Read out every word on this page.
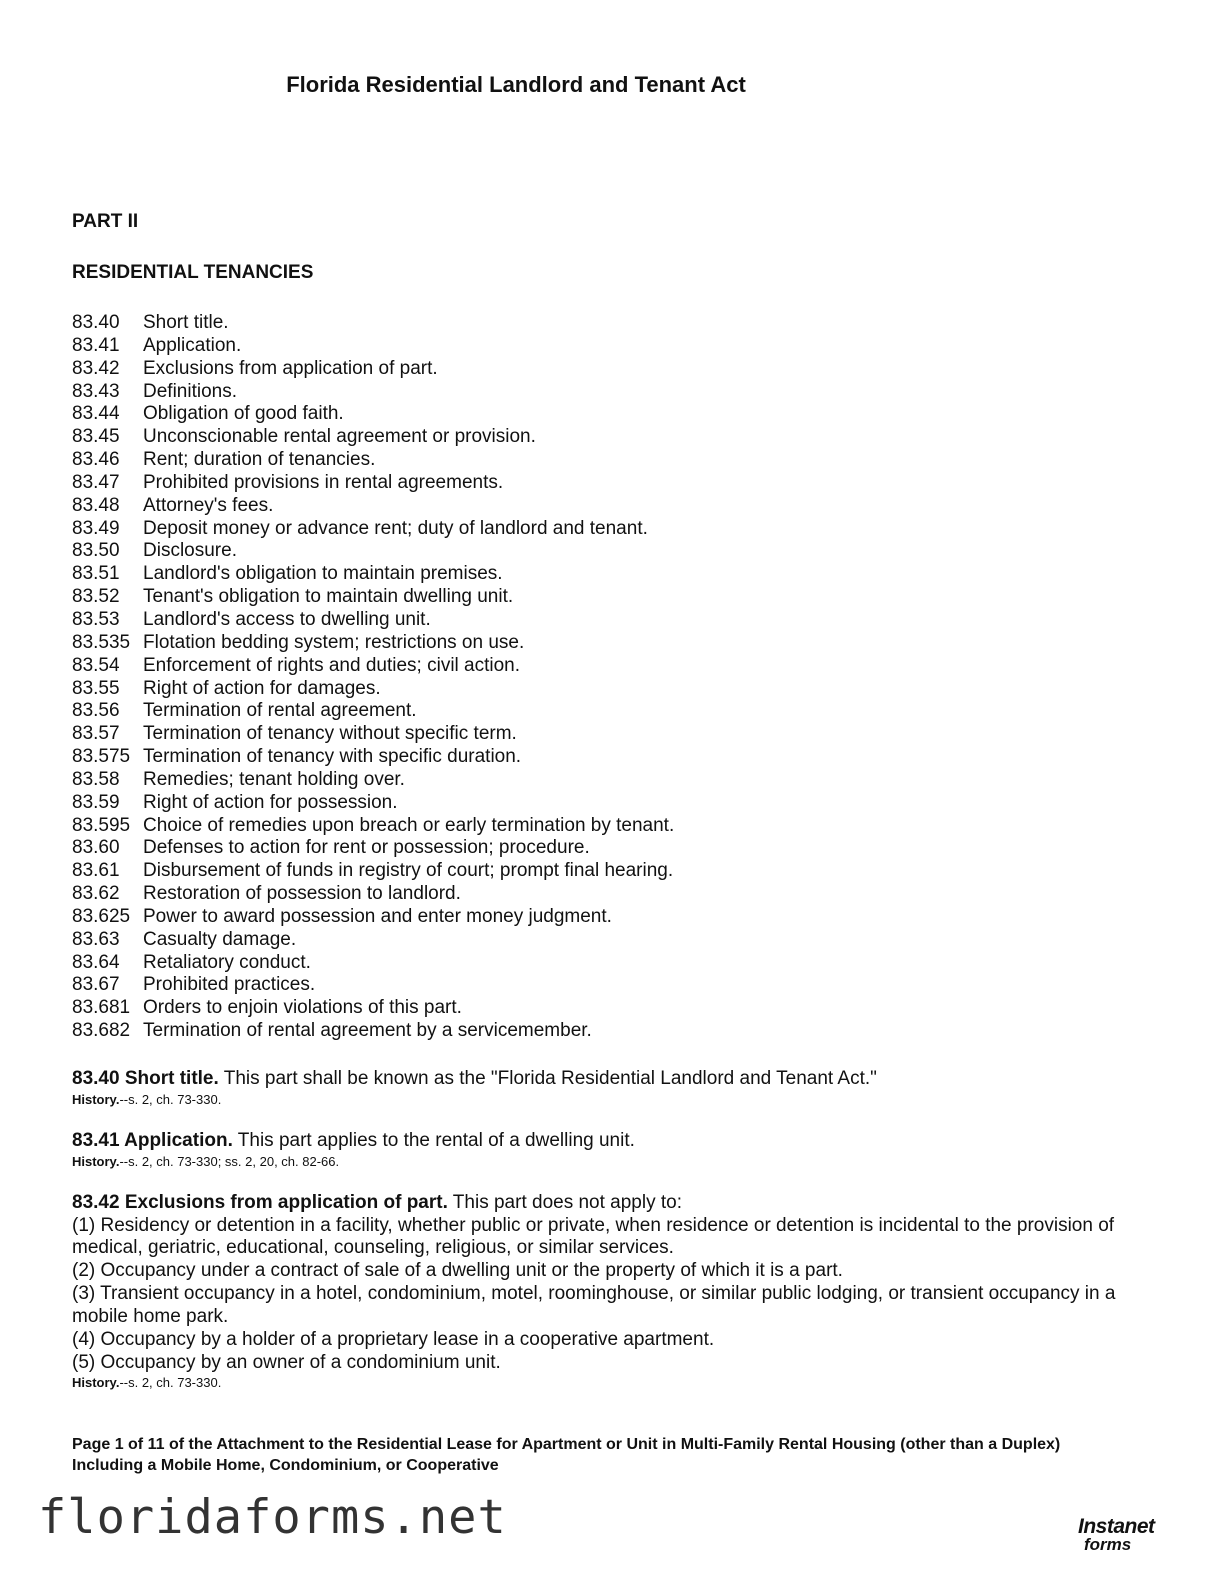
Florida Residential Landlord and Tenant Act
PART II
RESIDENTIAL TENANCIES
83.40	Short title.
83.41	Application.
83.42	Exclusions from application of part.
83.43	Definitions.
83.44	Obligation of good faith.
83.45	Unconscionable rental agreement or provision.
83.46	Rent; duration of tenancies.
83.47	Prohibited provisions in rental agreements.
83.48	Attorney's fees.
83.49	Deposit money or advance rent; duty of landlord and tenant.
83.50	Disclosure.
83.51	Landlord's obligation to maintain premises.
83.52	Tenant's obligation to maintain dwelling unit.
83.53	Landlord's access to dwelling unit.
83.535 Flotation bedding system; restrictions on use.
83.54	Enforcement of rights and duties; civil action.
83.55	Right of action for damages.
83.56	Termination of rental agreement.
83.57	Termination of tenancy without specific term.
83.575 Termination of tenancy with specific duration.
83.58	Remedies; tenant holding over.
83.59	Right of action for possession.
83.595 Choice of remedies upon breach or early termination by tenant.
83.60	Defenses to action for rent or possession; procedure.
83.61	Disbursement of funds in registry of court; prompt final hearing.
83.62	Restoration of possession to landlord.
83.625 Power to award possession and enter money judgment.
83.63	Casualty damage.
83.64	Retaliatory conduct.
83.67	Prohibited practices.
83.681 Orders to enjoin violations of this part.
83.682 Termination of rental agreement by a servicemember.

83.40 Short title. This part shall be known as the "Florida Residential Landlord and Tenant Act."

History.--s. 2, ch. 73-330.

83.41 Application. This part applies to the rental of a dwelling unit.

History.--s. 2, ch. 73-330; ss. 2, 20, ch. 82-66.

83.42 Exclusions from application of part. This part does not apply to:

(1) Residency or detention in a facility, whether public or private, when residence or detention is incidental to the provision of medical, geriatric, educational, counseling, religious, or similar services.

(2) Occupancy under a contract of sale of a dwelling unit or the property of which it is a part.

(3) Transient occupancy in a hotel, condominium, motel, roominghouse, or similar public lodging, or transient occupancy in a mobile home park.

(4) Occupancy by a holder of a proprietary lease in a cooperative apartment.

(5) Occupancy by an owner of a condominium unit.

History.--s. 2, ch. 73-330.

Page 1 of 11 of the Attachment to the Residential Lease for Apartment or Unit in Multi-Family Rental Housing (other than a Duplex) Including a Mobile Home, Condominium, or Cooperative
floridaforms.net	Instanet
forms
